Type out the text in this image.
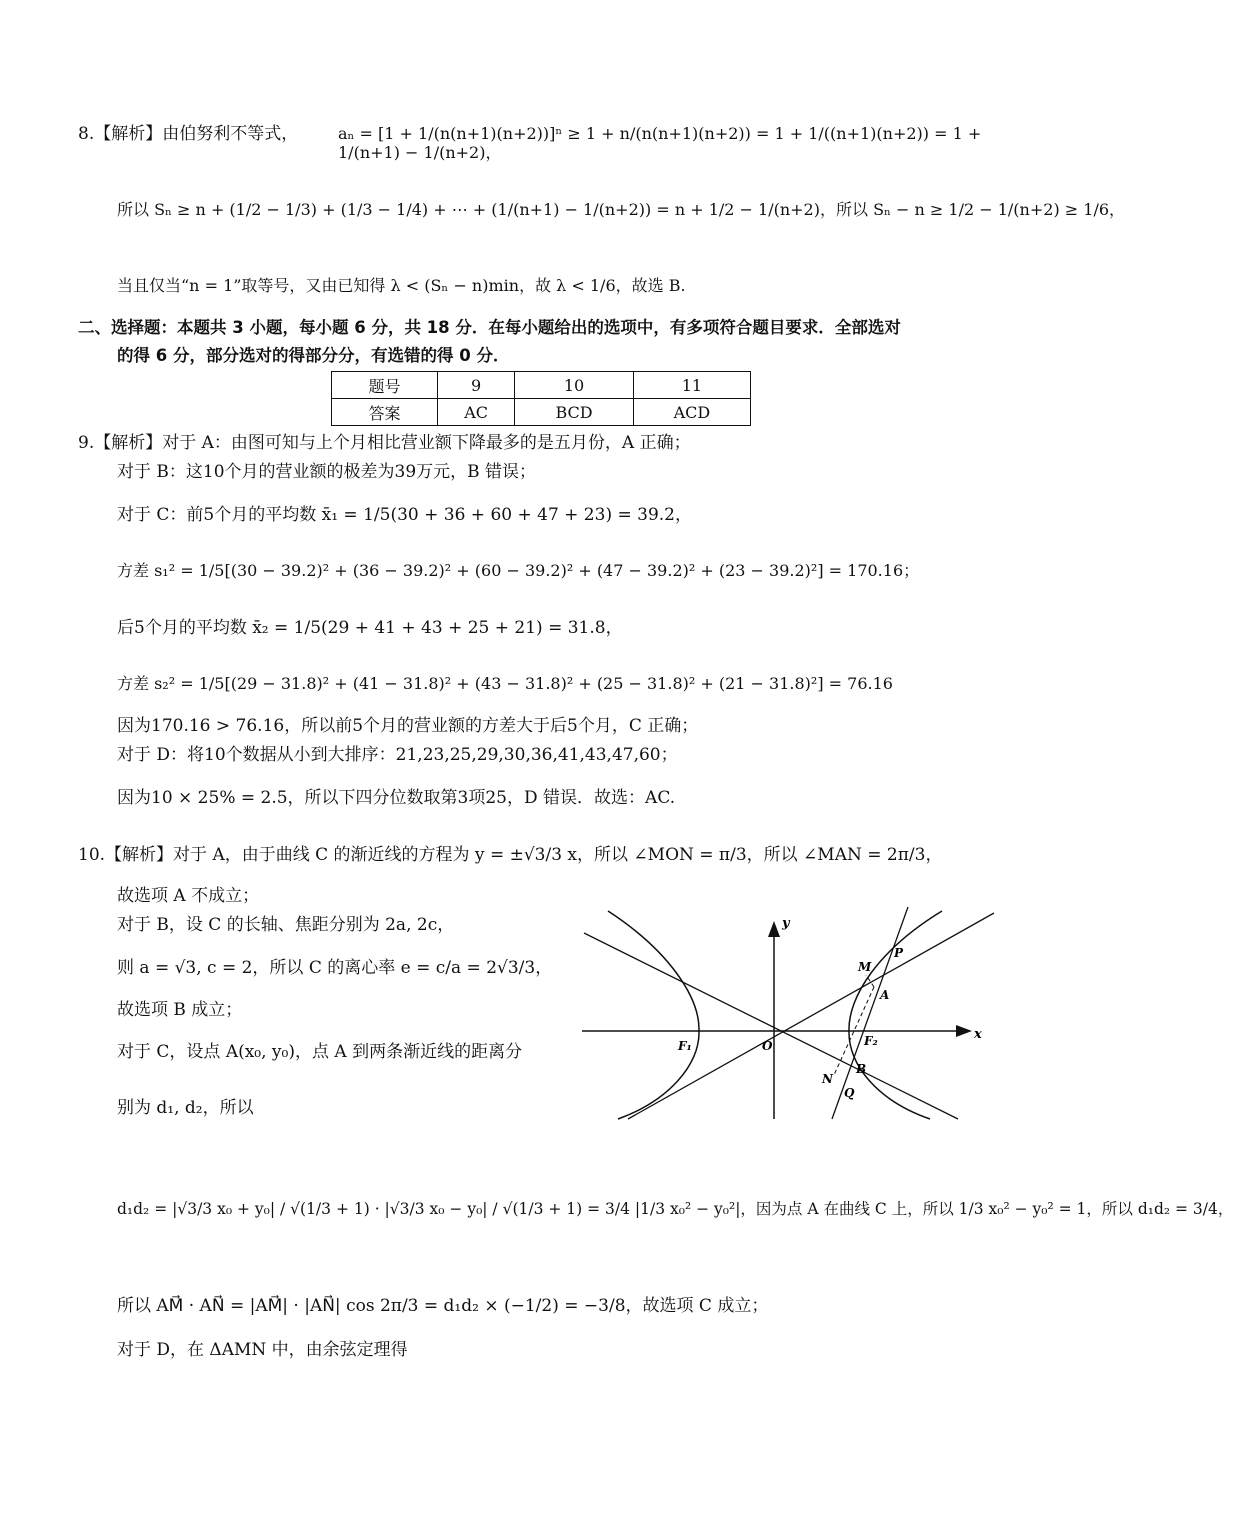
8.【解析】由伯努利不等式， aₙ = [1 + 1/(n(n+1)(n+2))]ⁿ ≥ 1 + n/(n(n+1)(n+2)) = 1 + 1/((n+1)(n+2)) = 1 + 1/(n+1) − 1/(n+2)，
所以 Sₙ ≥ n + (1/2 − 1/3) + (1/3 − 1/4) + ⋯ + (1/(n+1) − 1/(n+2)) = n + 1/2 − 1/(n+2)，所以 Sₙ − n ≥ 1/2 − 1/(n+2) ≥ 1/6，
当且仅当“n = 1”取等号，又由已知得 λ < (Sₙ − n)min，故 λ < 1/6，故选 B.
二、选择题：本题共 3 小题，每小题 6 分，共 18 分．在每小题给出的选项中，有多项符合题目要求．全部选对
的得 6 分，部分选对的得部分分，有选错的得 0 分．
题号	9	10	11
答案	AC	BCD	ACD
9.【解析】对于 A：由图可知与上个月相比营业额下降最多的是五月份，A 正确；
对于 B：这10个月的营业额的极差为39万元，B 错误；
对于 C：前5个月的平均数 x̄₁ = 1/5(30 + 36 + 60 + 47 + 23) = 39.2，
方差 s₁² = 1/5[(30 − 39.2)² + (36 − 39.2)² + (60 − 39.2)² + (47 − 39.2)² + (23 − 39.2)²] = 170.16；
后5个月的平均数 x̄₂ = 1/5(29 + 41 + 43 + 25 + 21) = 31.8，
方差 s₂² = 1/5[(29 − 31.8)² + (41 − 31.8)² + (43 − 31.8)² + (25 − 31.8)² + (21 − 31.8)²] = 76.16
因为170.16 > 76.16，所以前5个月的营业额的方差大于后5个月，C 正确；
对于 D：将10个数据从小到大排序：21,23,25,29,30,36,41,43,47,60；
因为10 × 25% = 2.5，所以下四分位数取第3项25，D 错误．故选：AC.
10.【解析】对于 A，由于曲线 C 的渐近线的方程为 y = ±√3/3 x，所以 ∠MON = π/3，所以 ∠MAN = 2π/3，
故选项 A 不成立；
对于 B，设 C 的长轴、焦距分别为 2a, 2c，
则 a = √3, c = 2，所以 C 的离心率 e = c/a = 2√3/3，
故选项 B 成立；
对于 C，设点 A(x₀, y₀)，点 A 到两条渐近线的距离分
别为 d₁, d₂，所以
d₁d₂ = |√3/3 x₀ + y₀| / √(1/3 + 1) · |√3/3 x₀ − y₀| / √(1/3 + 1) = 3/4 |1/3 x₀² − y₀²|，因为点 A 在曲线 C 上，所以 1/3 x₀² − y₀² = 1，所以 d₁d₂ = 3/4，
所以 AM⃗ · AN⃗ = |AM⃗| · |AN⃗| cos 2π/3 = d₁d₂ × (−1/2) = −3/8，故选项 C 成立；
对于 D，在 ΔAMN 中，由余弦定理得
y
x
O
F₁	F₂
M
P
A
B
N
Q
